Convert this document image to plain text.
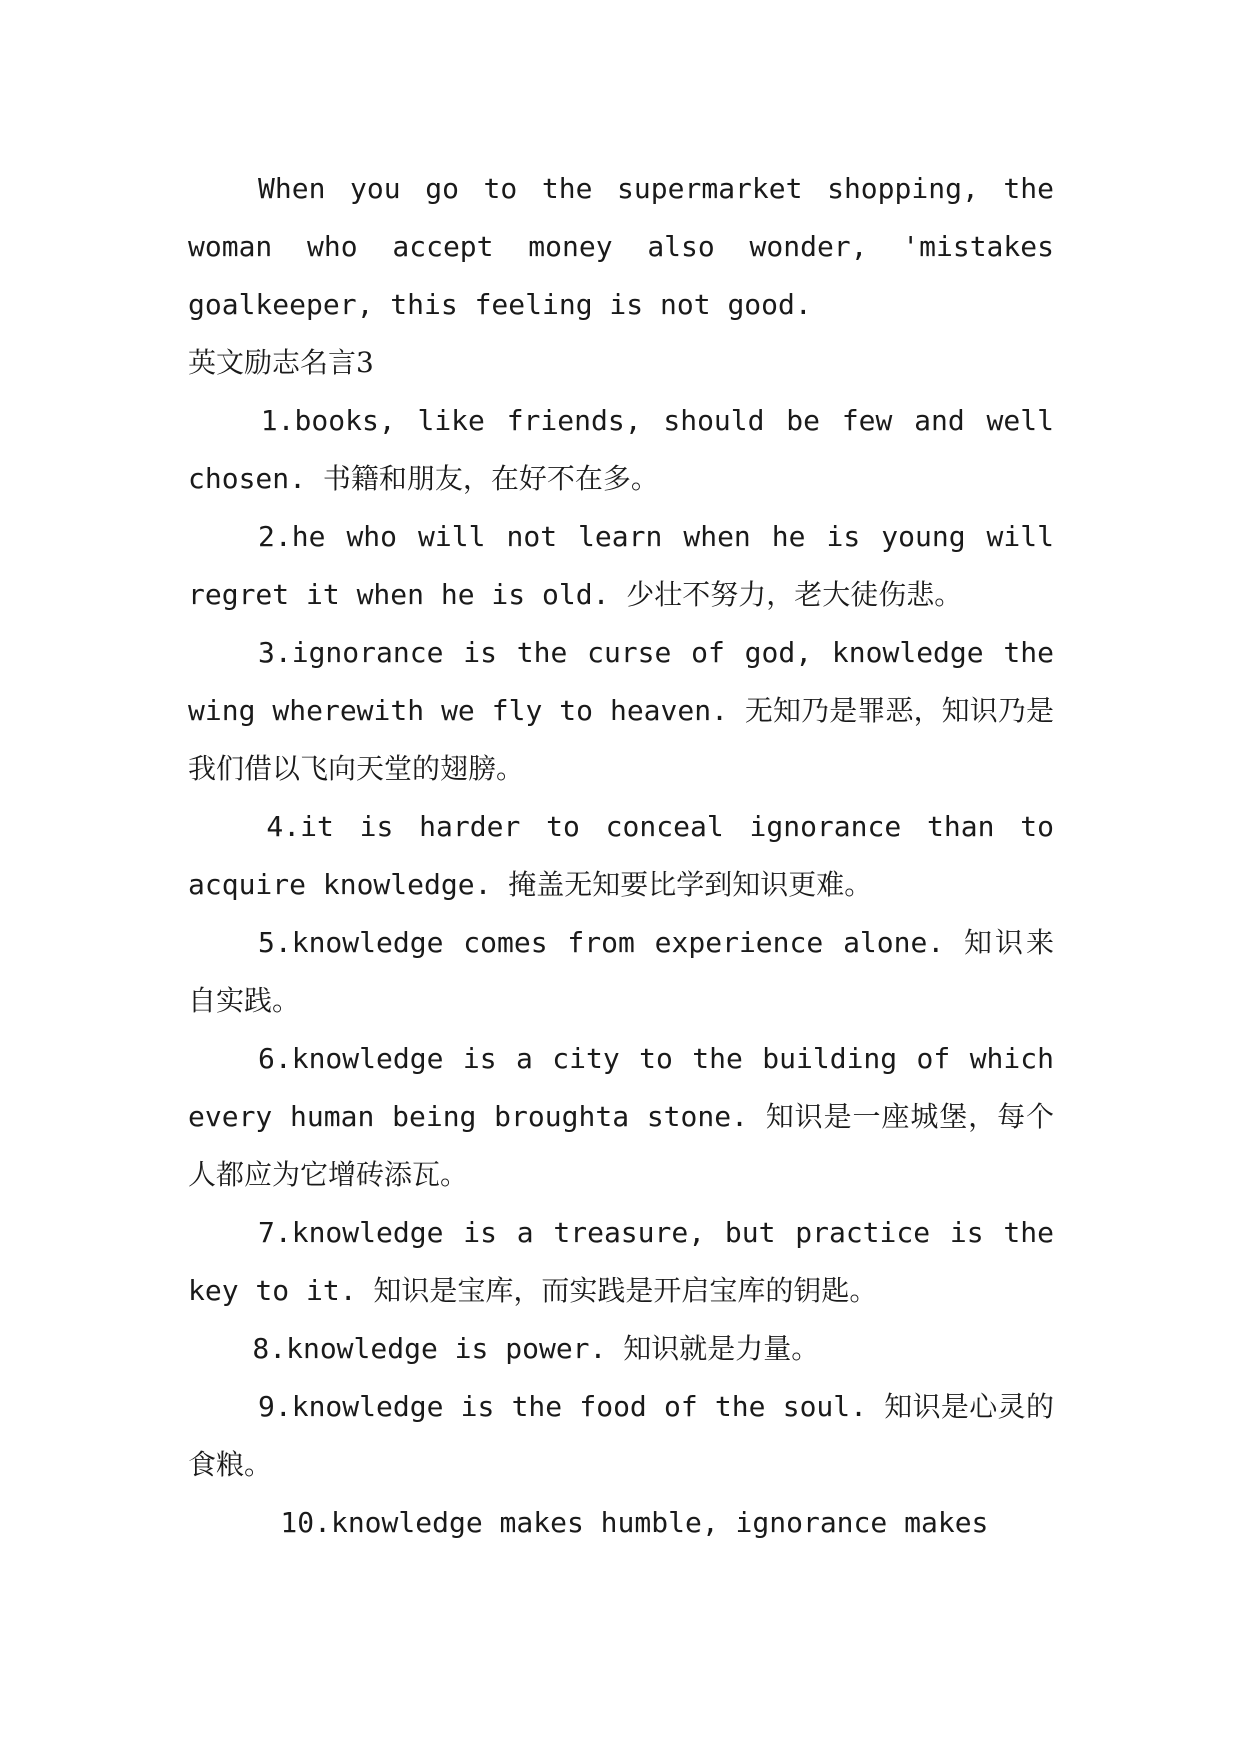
When you go to the supermarket shopping, the woman who accept money also wonder, 'mistakes goalkeeper, this feeling is not good.

英文励志名言3

1.books, like friends, should be few and well chosen. 书籍和朋友，在好不在多。

2.he who will not learn when he is young will regret it when he is old. 少壮不努力，老大徒伤悲。

3.ignorance is the curse of god, knowledge the wing wherewith we fly to heaven. 无知乃是罪恶，知识乃是我们借以飞向天堂的翅膀。

4.it is harder to conceal ignorance than to acquire knowledge. 掩盖无知要比学到知识更难。

5.knowledge comes from experience alone. 知识来自实践。

6.knowledge is a city to the building of which every human being broughta stone. 知识是一座城堡，每个人都应为它增砖添瓦。

7.knowledge is a treasure, but practice is the key to it. 知识是宝库，而实践是开启宝库的钥匙。

8.knowledge is power. 知识就是力量。

9.knowledge is the food of the soul. 知识是心灵的食粮。

10.knowledge makes humble, ignorance makes
